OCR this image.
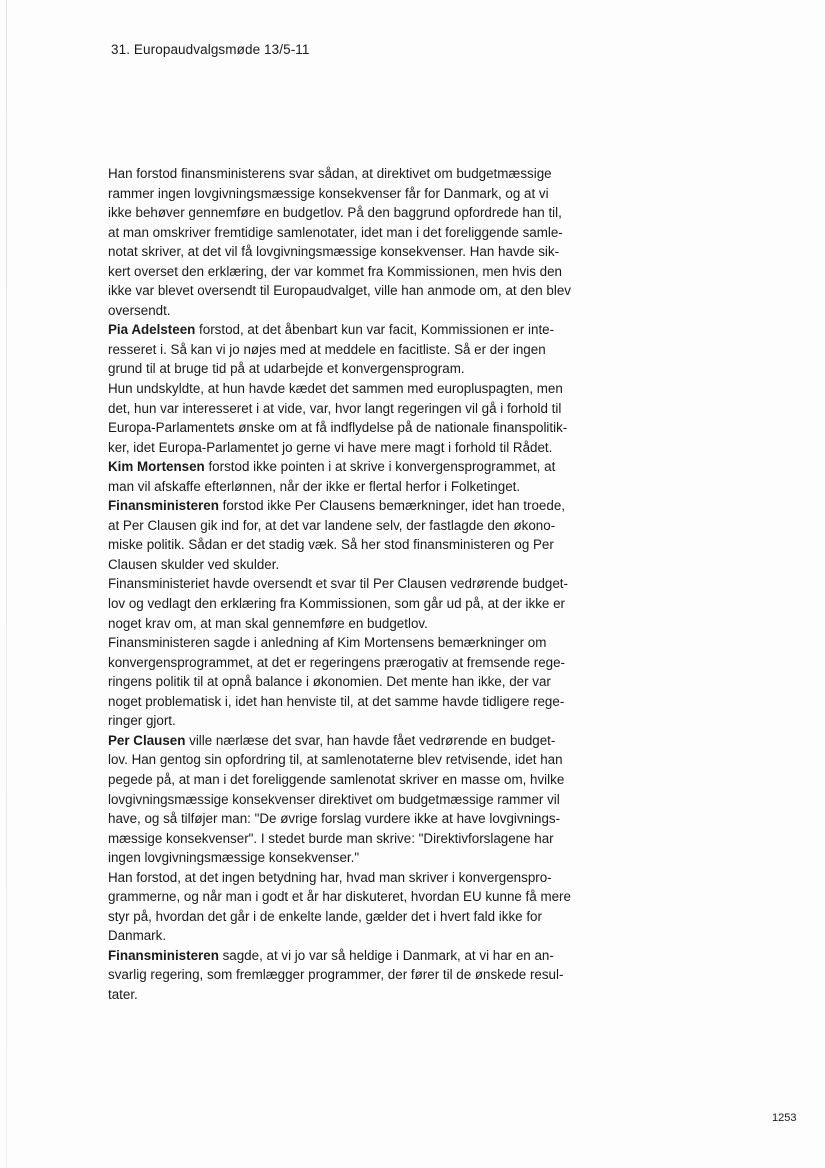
31. Europaudvalgsmøde 13/5-11

Han forstod finansministerens svar sådan, at direktivet om budgetmæssige
rammer ingen lovgivningsmæssige konsekvenser får for Danmark, og at vi
ikke behøver gennemføre en budgetlov. På den baggrund opfordrede han til,
at man omskriver fremtidige samlenotater, idet man i det foreliggende samle-
notat skriver, at det vil få lovgivningsmæssige konsekvenser. Han havde sik-
kert overset den erklæring, der var kommet fra Kommissionen, men hvis den
ikke var blevet oversendt til Europaudvalget, ville han anmode om, at den blev
oversendt.

Pia Adelsteen forstod, at det åbenbart kun var facit, Kommissionen er inte-
resseret i. Så kan vi jo nøjes med at meddele en facitliste. Så er der ingen
grund til at bruge tid på at udarbejde et konvergensprogram.

Hun undskyldte, at hun havde kædet det sammen med europluspagten, men
det, hun var interesseret i at vide, var, hvor langt regeringen vil gå i forhold til
Europa-Parlamentets ønske om at få indflydelse på de nationale finanspolitik-
ker, idet Europa-Parlamentet jo gerne vi have mere magt i forhold til Rådet.

Kim Mortensen forstod ikke pointen i at skrive i konvergensprogrammet, at
man vil afskaffe efterlønnen, når der ikke er flertal herfor i Folketinget.

Finansministeren forstod ikke Per Clausens bemærkninger, idet han troede,
at Per Clausen gik ind for, at det var landene selv, der fastlagde den økono-
miske politik. Sådan er det stadig væk. Så her stod finansministeren og Per
Clausen skulder ved skulder.

Finansministeriet havde oversendt et svar til Per Clausen vedrørende budget-
lov og vedlagt den erklæring fra Kommissionen, som går ud på, at der ikke er
noget krav om, at man skal gennemføre en budgetlov.

Finansministeren sagde i anledning af Kim Mortensens bemærkninger om
konvergensprogrammet, at det er regeringens prærogativ at fremsende rege-
ringens politik til at opnå balance i økonomien. Det mente han ikke, der var
noget problematisk i, idet han henviste til, at det samme havde tidligere rege-
ringer gjort.

Per Clausen ville nærlæse det svar, han havde fået vedrørende en budget-
lov. Han gentog sin opfordring til, at samlenotaterne blev retvisende, idet han
pegede på, at man i det foreliggende samlenotat skriver en masse om, hvilke
lovgivningsmæssige konsekvenser direktivet om budgetmæssige rammer vil
have, og så tilføjer man: "De øvrige forslag vurdere ikke at have lovgivnings-
mæssige konsekvenser". I stedet burde man skrive: "Direktivforslagene har
ingen lovgivningsmæssige konsekvenser."

Han forstod, at det ingen betydning har, hvad man skriver i konvergenspro-
grammerne, og når man i godt et år har diskuteret, hvordan EU kunne få mere
styr på, hvordan det går i de enkelte lande, gælder det i hvert fald ikke for
Danmark.

Finansministeren sagde, at vi jo var så heldige i Danmark, at vi har en an-
svarlig regering, som fremlægger programmer, der fører til de ønskede resul-
tater.

1253
